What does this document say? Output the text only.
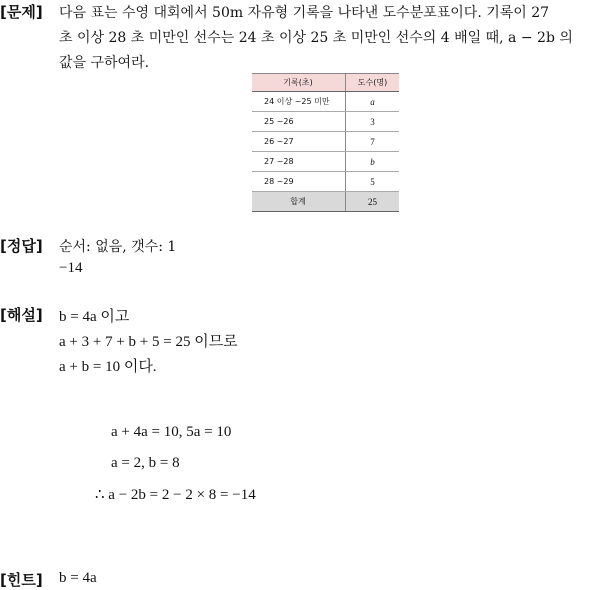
[문제] 다음 표는 수영 대회에서 50m 자유형 기록을 나타낸 도수분포표이다. 기록이 27
초 이상 28 초 미만인 선수는 24 초 이상 25 초 미만인 선수의 4 배일 때, a − 2b 의
값을 구하여라.
기록(초)	도수(명)
24 이상 ~25 미만	a
25 ~26	3
26 ~27	7
27 ~28	b
28 ~29	5
합계	25
[정답] 순서: 없음, 갯수: 1
−14
[해설] b = 4a 이고
a + 3 + 7 + b + 5 = 25 이므로
a + b = 10 이다.
a + 4a = 10, 5a = 10
a = 2, b = 8
∴ a − 2b = 2 − 2 × 8 = −14
[힌트] b = 4a
